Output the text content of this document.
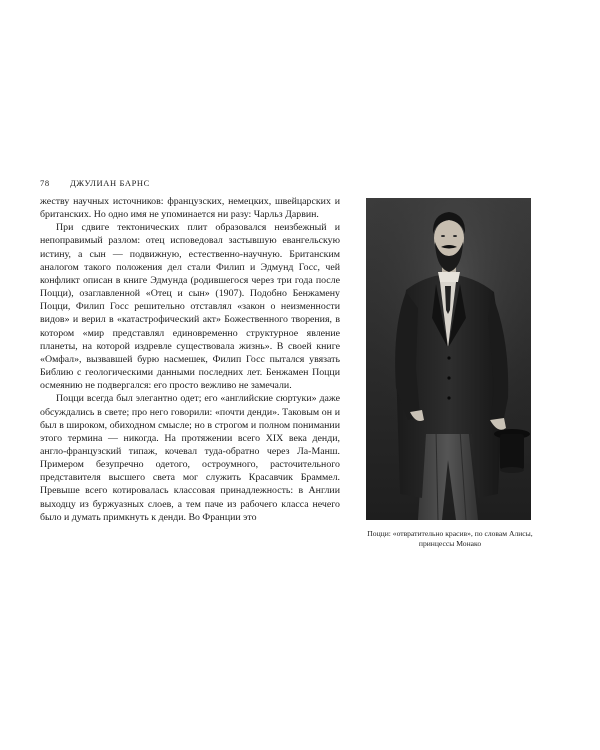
78 ДЖУЛИАН БАРНС

жеству научных источников: французских, немецких, швейцарских и британских. Но одно имя не упоминается ни разу: Чарльз Дарвин.

При сдвиге тектонических плит образовался неизбежный и непоправимый разлом: отец исповедовал застывшую евангельскую истину, а сын — подвижную, естественно-научную. Британским аналогом такого положения дел стали Филип и Эдмунд Госс, чей конфликт описан в книге Эдмунда (родившегося через три года после Поцци), озаглавленной «Отец и сын» (1907). Подобно Бенжамену Поцци, Филип Госс решительно отставлял «закон о неизменности видов» и верил в «катастрофический акт» Божественного творения, в котором «мир представлял единовременно структурное явление планеты, на которой издревле существовала жизнь». В своей книге «Омфал», вызвавшей бурю насмешек, Филип Госс пытался увязать Библию с геологическими данными последних лет. Бенжамен Поцци осмеянию не подвергался: его просто вежливо не замечали.

Поцци всегда был элегантно одет; его «английские сюртуки» даже обсуждались в свете; про него говорили: «почти денди». Таковым он и был в широком, обиходном смысле; но в строгом и полном понимании этого термина — никогда. На протяжении всего XIX века денди, англо-французский типаж, кочевал туда-обратно через Ла-Манш. Примером безупречно одетого, остроумного, расточительного представителя высшего света мог служить Красавчик Браммел. Превыше всего котировалась классовая принадлежность: в Англии выходцу из буржуазных слоев, а тем паче из рабочего класса нечего было и думать примкнуть к денди. Во Франции это

Поцци: «отвратительно красив», по словам Алисы, принцессы Монако
